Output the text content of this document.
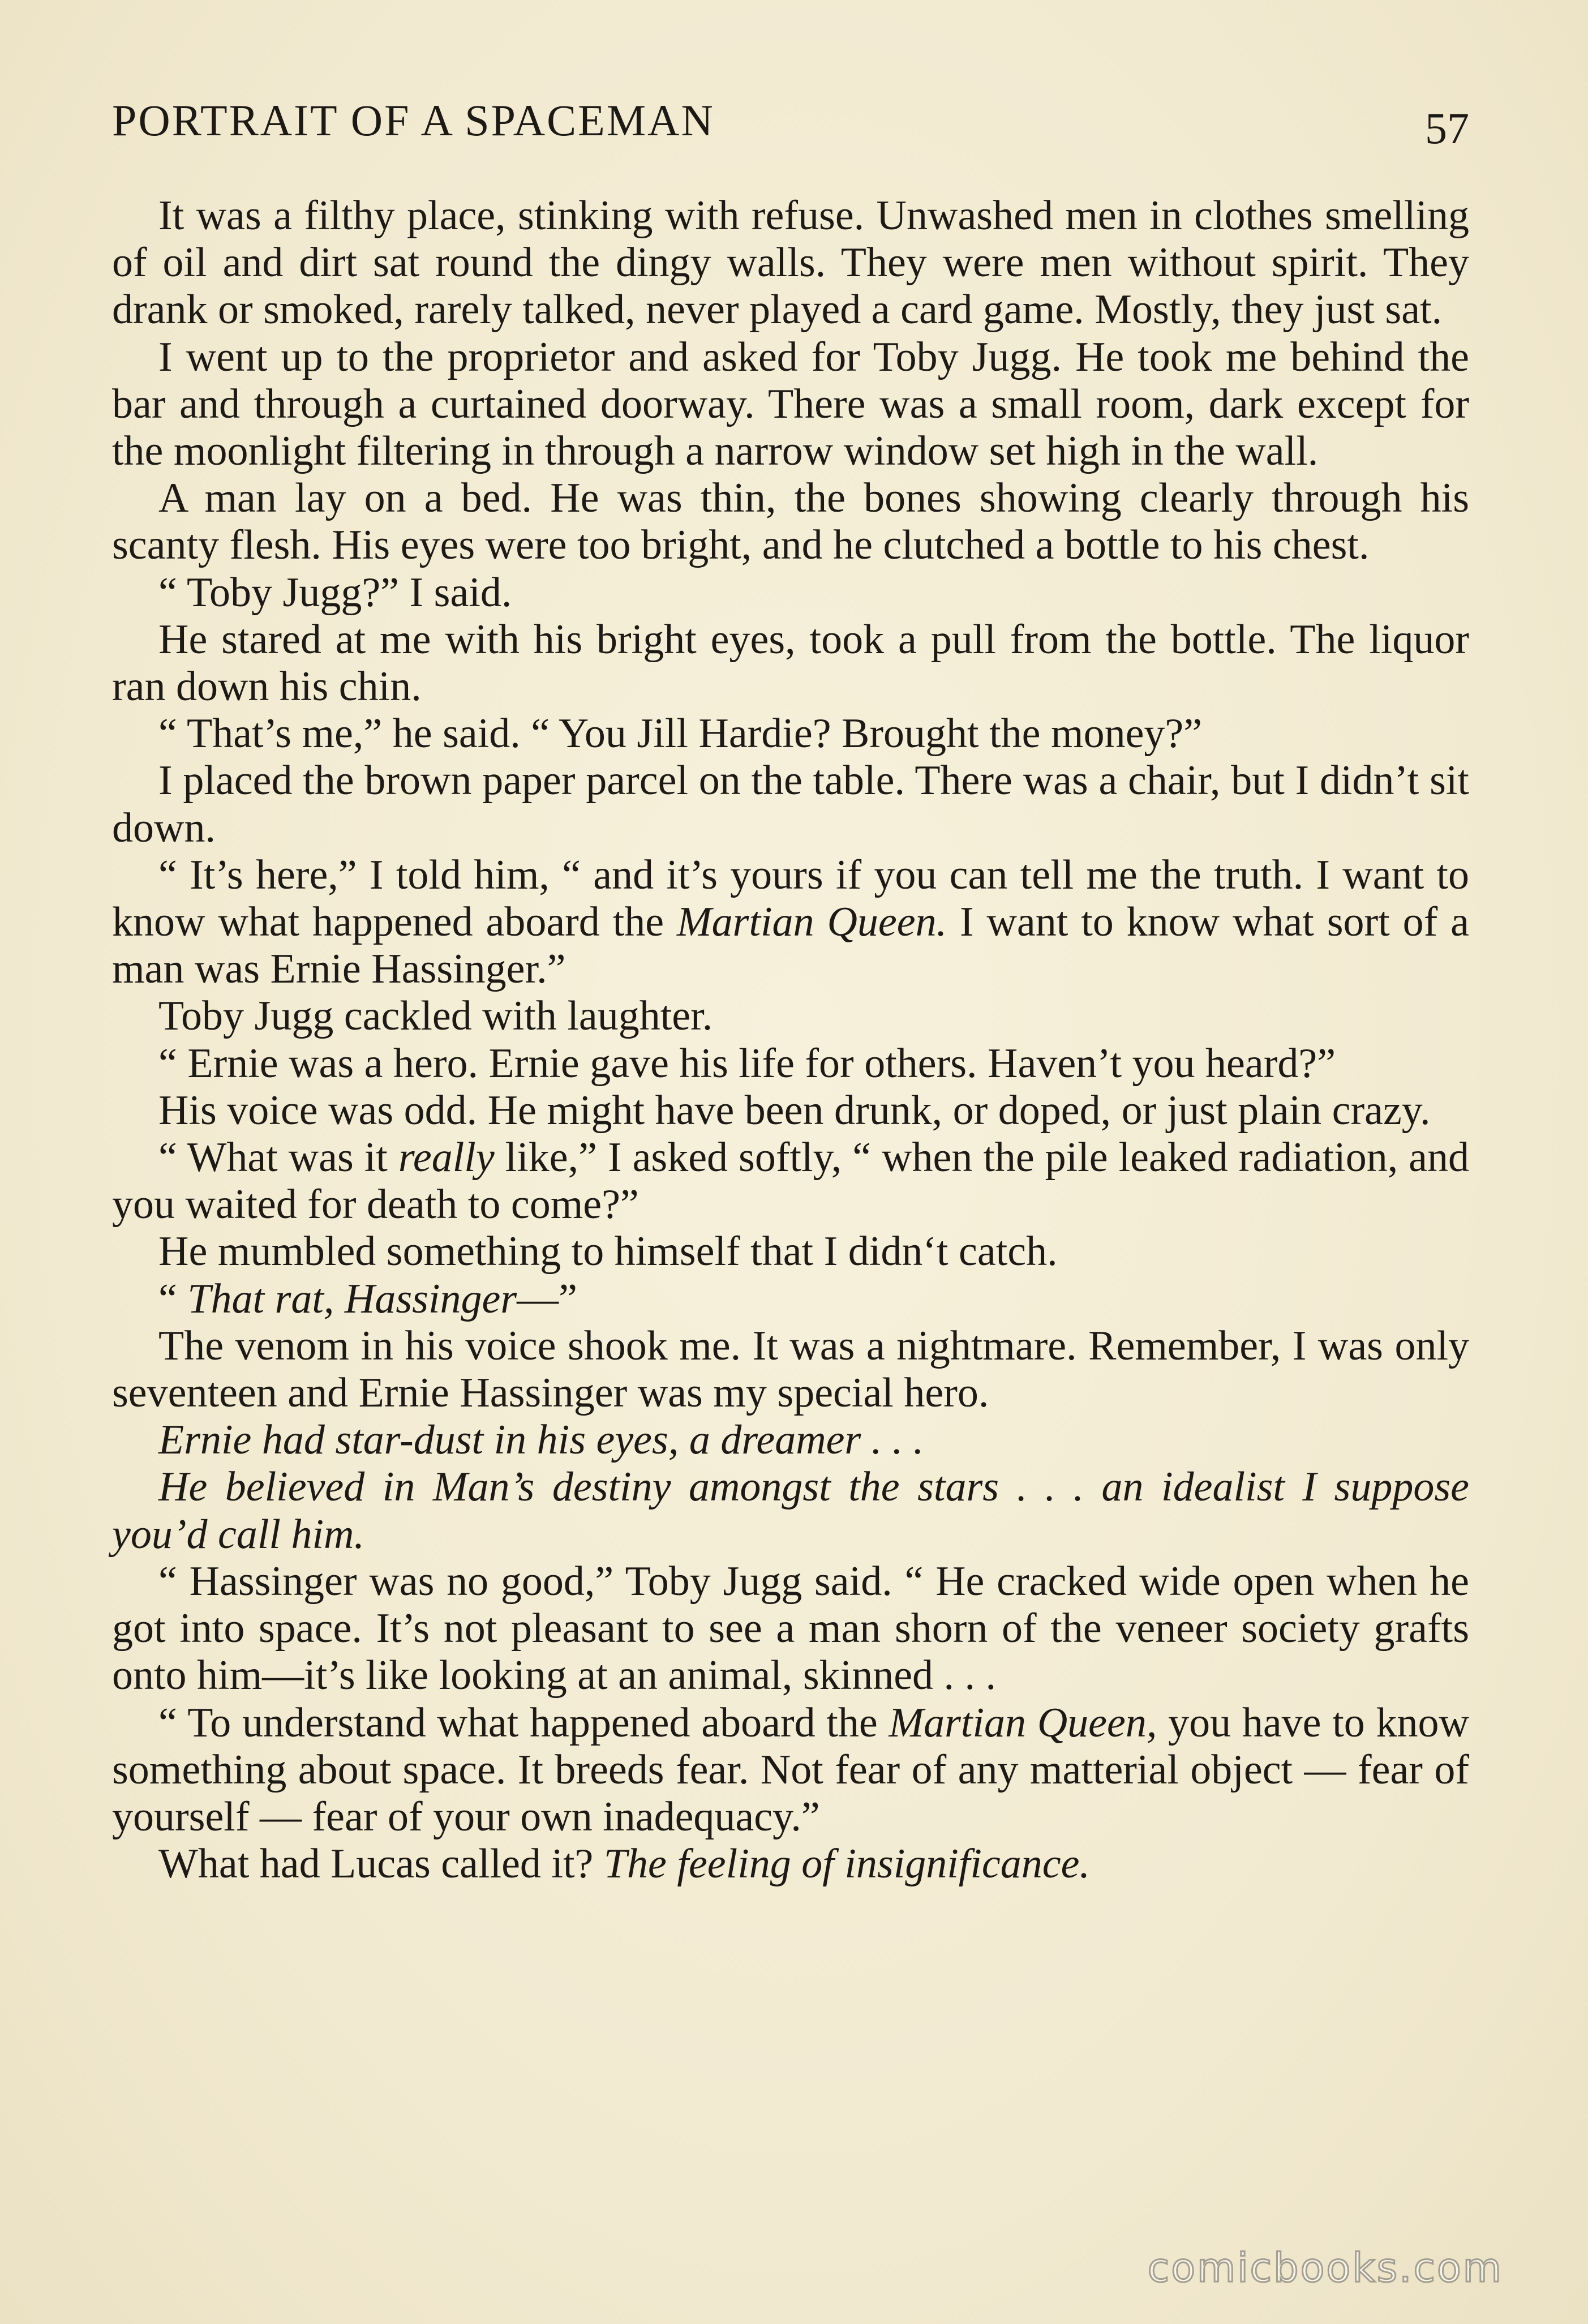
PORTRAIT OF A SPACEMAN	57

It was a filthy place, stinking with refuse. Unwashed men in clothes smelling of oil and dirt sat round the dingy walls. They were men without spirit. They drank or smoked, rarely talked, never played a card game. Mostly, they just sat.

I went up to the proprietor and asked for Toby Jugg. He took me behind the bar and through a curtained doorway. There was a small room, dark except for the moonlight filtering in through a narrow window set high in the wall.

A man lay on a bed. He was thin, the bones showing clearly through his scanty flesh. His eyes were too bright, and he clutched a bottle to his chest.

“ Toby Jugg?” I said.

He stared at me with his bright eyes, took a pull from the bottle. The liquor ran down his chin.

“ That’s me,” he said. “ You Jill Hardie? Brought the money?”

I placed the brown paper parcel on the table. There was a chair, but I didn’t sit down.

“ It’s here,” I told him, “ and it’s yours if you can tell me the truth. I want to know what happened aboard the Martian Queen. I want to know what sort of a man was Ernie Hassinger.”

Toby Jugg cackled with laughter.

“ Ernie was a hero. Ernie gave his life for others. Haven’t you heard?”

His voice was odd. He might have been drunk, or doped, or just plain crazy.

“ What was it really like,” I asked softly, “ when the pile leaked radiation, and you waited for death to come?”

He mumbled something to himself that I didn‘t catch.

“ That rat, Hassinger—”

The venom in his voice shook me. It was a nightmare. Remember, I was only seventeen and Ernie Hassinger was my special hero.

Ernie had star-dust in his eyes, a dreamer . . .

He believed in Man’s destiny amongst the stars . . . an idealist I suppose you’d call him.

“ Hassinger was no good,” Toby Jugg said. “ He cracked wide open when he got into space. It’s not pleasant to see a man shorn of the veneer society grafts onto him—it’s like looking at an animal, skinned . . .

“ To understand what happened aboard the Martian Queen, you have to know something about space. It breeds fear. Not fear of any matterial object — fear of yourself — fear of your own inadequacy.”

What had Lucas called it? The feeling of insignificance.

comicbooks.com
